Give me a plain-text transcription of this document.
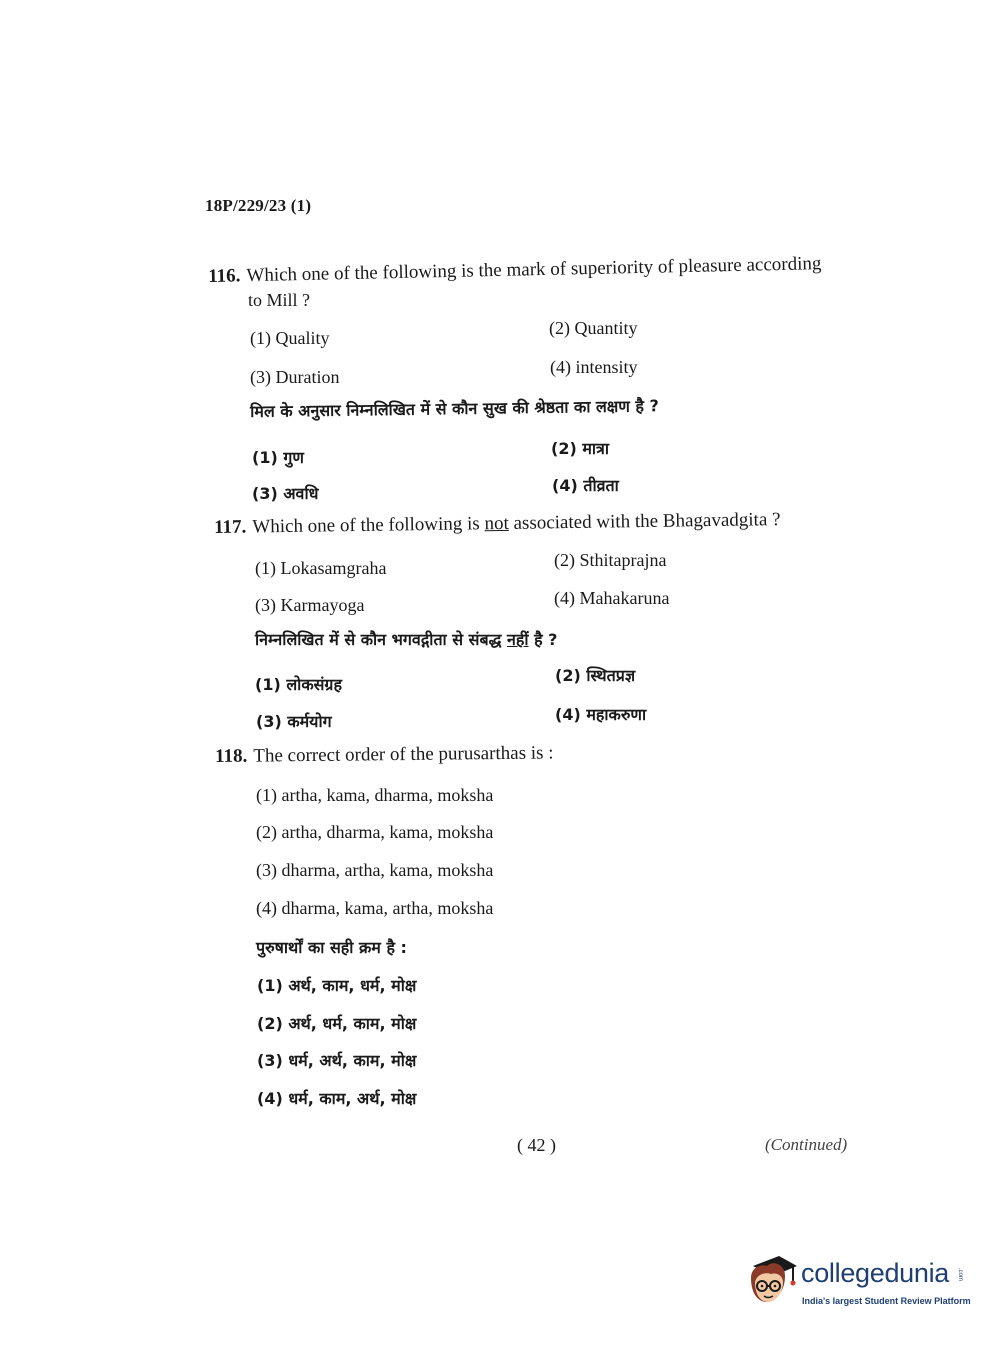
18P/229/23 (1)
116. Which one of the following is the mark of superiority of pleasure according
to Mill ?
(1) Quality	(2) Quantity
(3) Duration	(4) intensity
मिल के अनुसार निम्नलिखित में से कौन सुख की श्रेष्ठता का लक्षण है ?
(1) गुण	(2) मात्रा
(3) अवधि	(4) तीव्रता
117. Which one of the following is not associated with the Bhagavadgita ?
(1) Lokasamgraha	(2) Sthitaprajna
(3) Karmayoga	(4) Mahakaruna
निम्नलिखित में से कौन भगवद्गीता से संबद्ध नहीं है ?
(1) लोकसंग्रह	(2) स्थितप्रज्ञ
(3) कर्मयोग	(4) महाकरुणा
118. The correct order of the purusarthas is :
(1) artha, kama, dharma, moksha
(2) artha, dharma, kama, moksha
(3) dharma, artha, kama, moksha
(4) dharma, kama, artha, moksha
पुरुषार्थों का सही क्रम है :
(1) अर्थ, काम, धर्म, मोक्ष
(2) अर्थ, धर्म, काम, मोक्ष
(3) धर्म, अर्थ, काम, मोक्ष
(4) धर्म, काम, अर्थ, मोक्ष
( 42 )	(Continued)
collegedunia .com
India's largest Student Review Platform
